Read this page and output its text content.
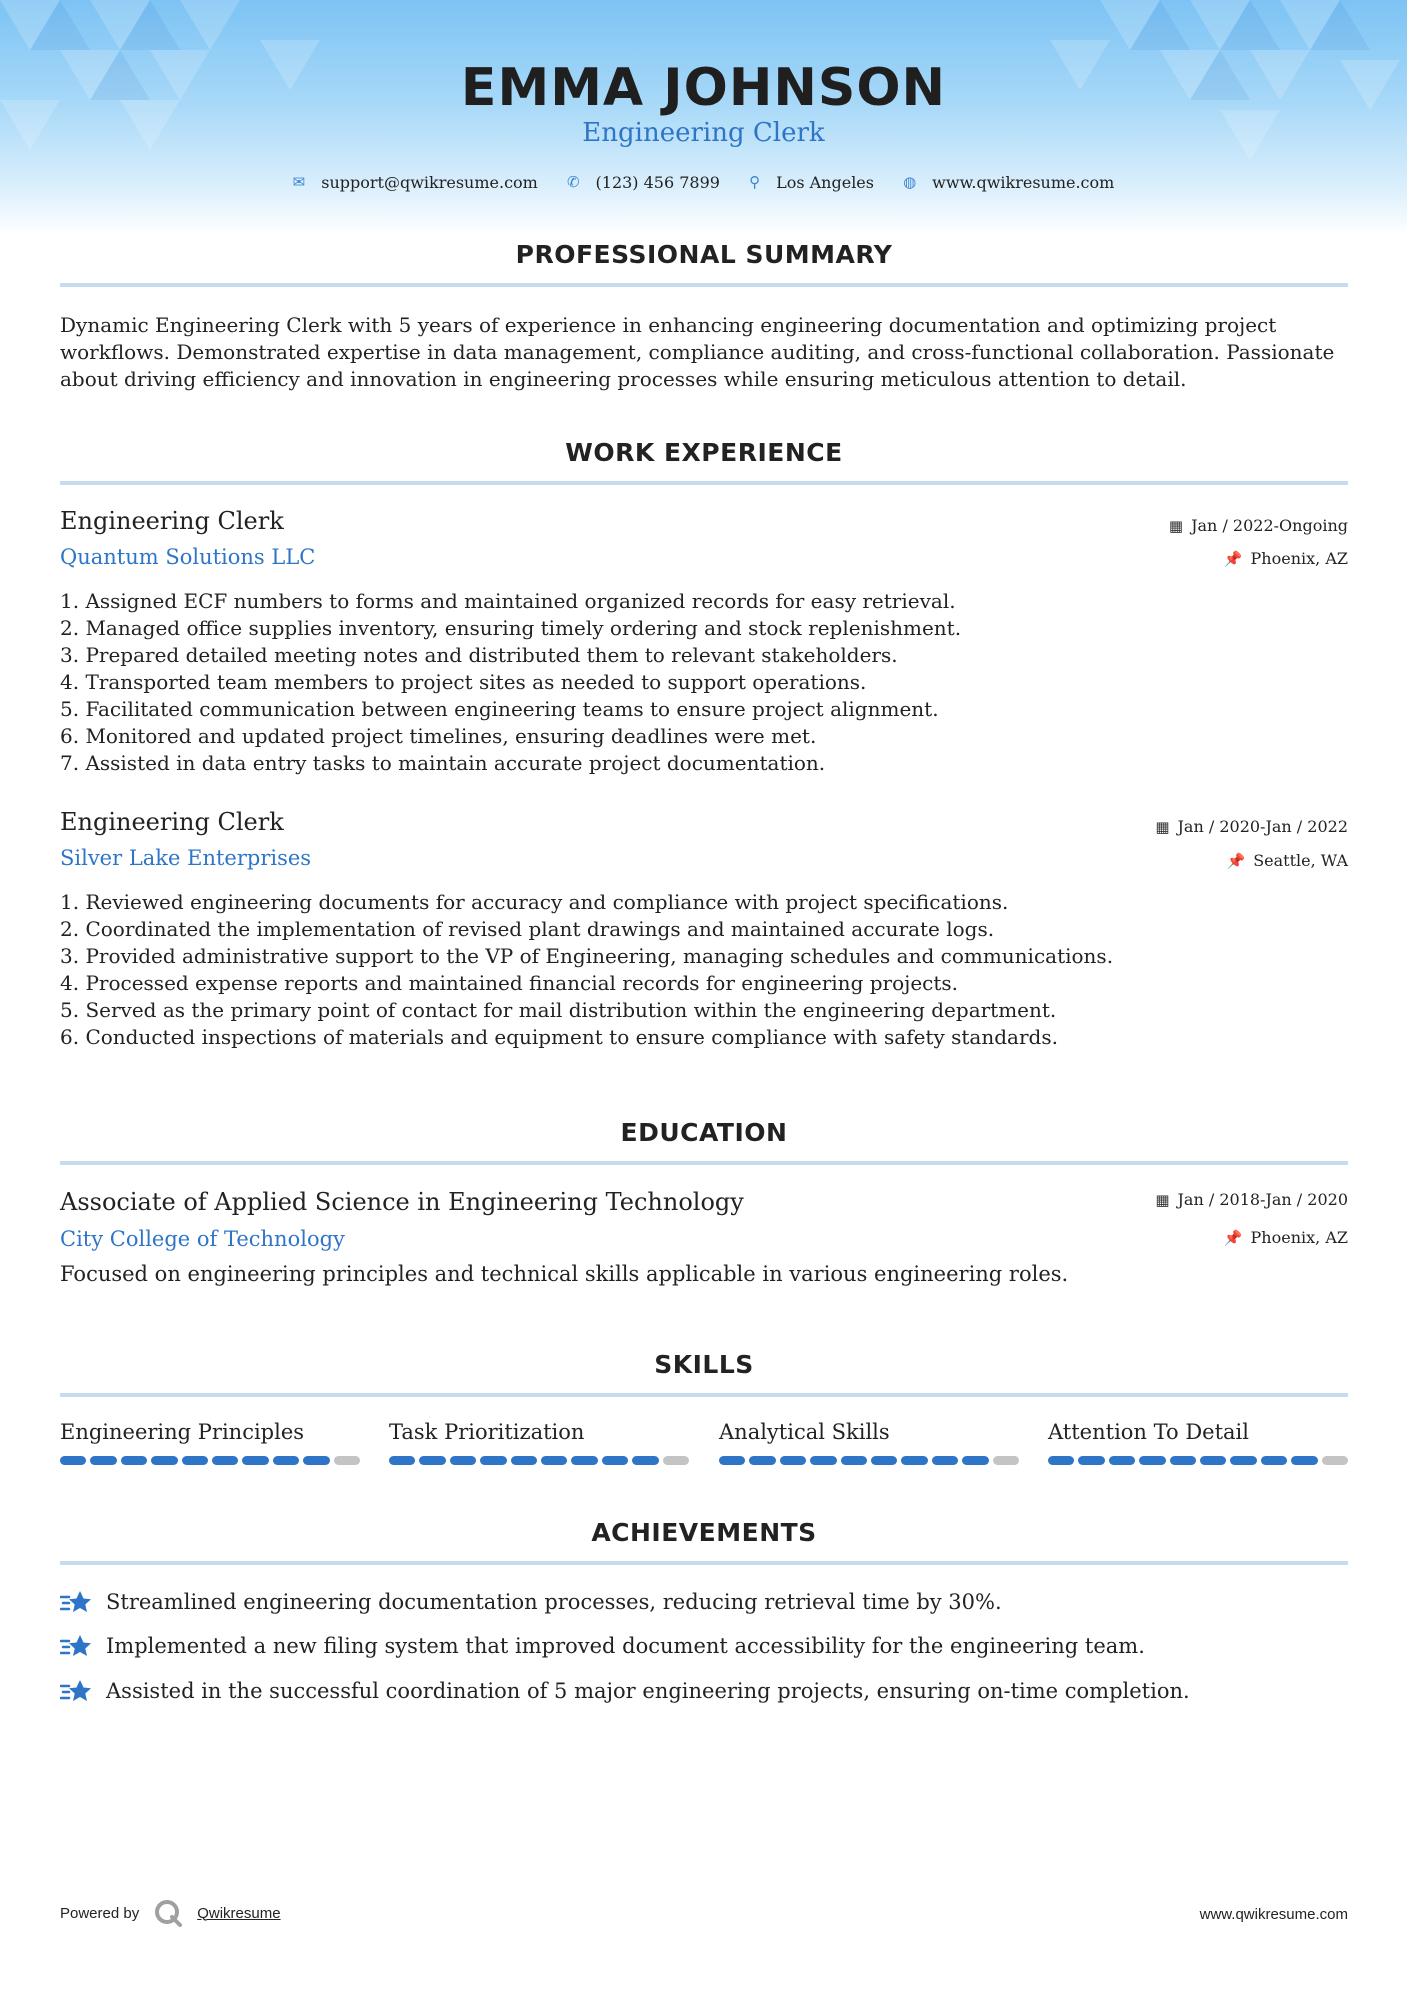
EMMA JOHNSON
Engineering Clerk
✉ support@qwikresume.com
✆ (123) 456 7899
⚲ Los Angeles
◍ www.qwikresume.com
PROFESSIONAL SUMMARY
Dynamic Engineering Clerk with 5 years of experience in enhancing engineering documentation and optimizing project workflows. Demonstrated expertise in data management, compliance auditing, and cross-functional collaboration. Passionate about driving efficiency and innovation in engineering processes while ensuring meticulous attention to detail.
WORK EXPERIENCE
Engineering Clerk
Quantum Solutions LLC
▦ Jan / 2022-Ongoing
📌 Phoenix, AZ
1. Assigned ECF numbers to forms and maintained organized records for easy retrieval.
2. Managed office supplies inventory, ensuring timely ordering and stock replenishment.
3. Prepared detailed meeting notes and distributed them to relevant stakeholders.
4. Transported team members to project sites as needed to support operations.
5. Facilitated communication between engineering teams to ensure project alignment.
6. Monitored and updated project timelines, ensuring deadlines were met.
7. Assisted in data entry tasks to maintain accurate project documentation.
Engineering Clerk
Silver Lake Enterprises
▦ Jan / 2020-Jan / 2022
📌 Seattle, WA
1. Reviewed engineering documents for accuracy and compliance with project specifications.
2. Coordinated the implementation of revised plant drawings and maintained accurate logs.
3. Provided administrative support to the VP of Engineering, managing schedules and communications.
4. Processed expense reports and maintained financial records for engineering projects.
5. Served as the primary point of contact for mail distribution within the engineering department.
6. Conducted inspections of materials and equipment to ensure compliance with safety standards.
EDUCATION
Associate of Applied Science in Engineering Technology
City College of Technology
▦ Jan / 2018-Jan / 2020
📌 Phoenix, AZ
Focused on engineering principles and technical skills applicable in various engineering roles.
SKILLS
Engineering Principles	Task Prioritization	Analytical Skills	Attention To Detail
ACHIEVEMENTS
Streamlined engineering documentation processes, reducing retrieval time by 30%.
Implemented a new filing system that improved document accessibility for the engineering team.
Assisted in the successful coordination of 5 major engineering projects, ensuring on-time completion.
Powered by	Qwikresume	www.qwikresume.com
